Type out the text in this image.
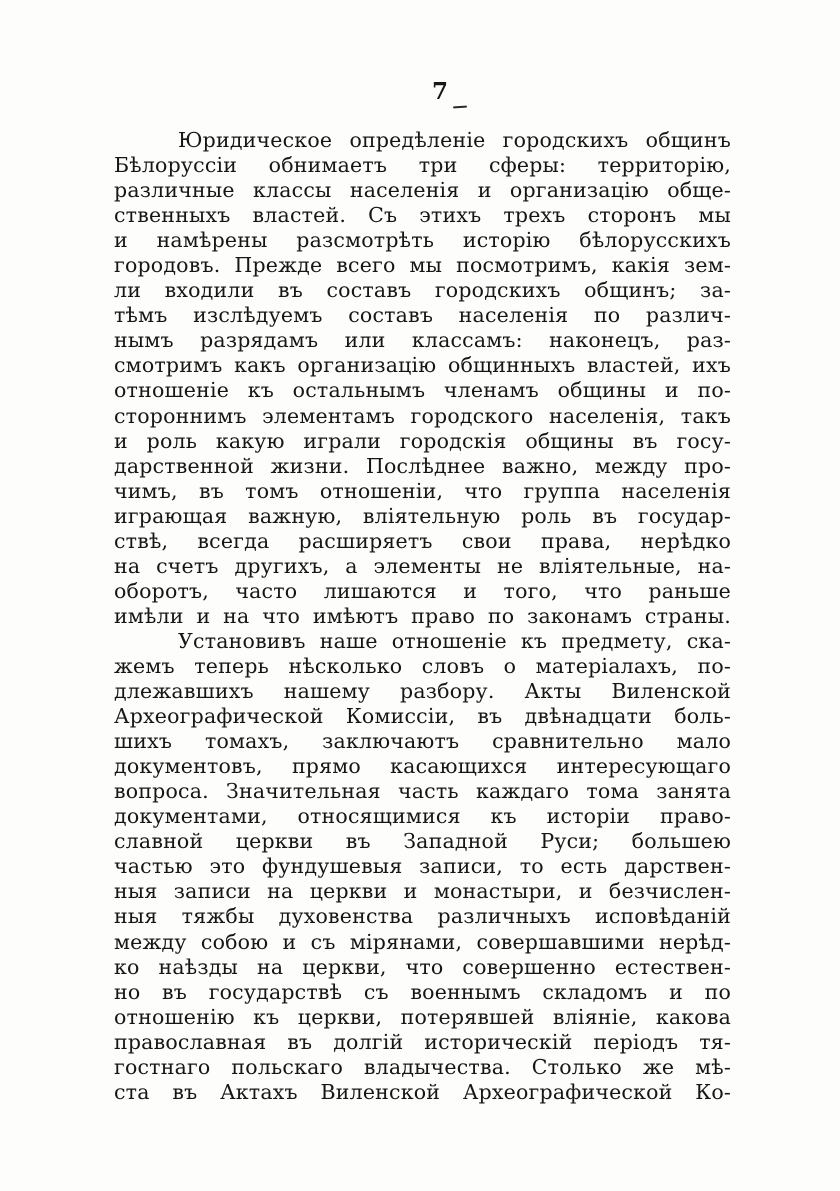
7
Юридическое опредѣленіе городскихъ общинъ
Бѣлоруссіи обнимаетъ три сферы: территорію,
различные классы населенія и организацію обще-
ственныхъ властей. Съ этихъ трехъ сторонъ мы
и намѣрены разсмотрѣть исторію бѣлорусскихъ
городовъ. Прежде всего мы посмотримъ, какія зем-
ли входили въ составъ городскихъ общинъ; за-
тѣмъ изслѣдуемъ составъ населенія по различ-
нымъ разрядамъ или классамъ: наконецъ, раз-
смотримъ какъ организацію общинныхъ властей, ихъ
отношеніе къ остальнымъ членамъ общины и по-
стороннимъ элементамъ городского населенія, такъ
и роль какую играли городскія общины въ госу-
дарственной жизни. Послѣднее важно, между про-
чимъ, въ томъ отношеніи, что группа населенія
играющая важную, вліятельную роль въ государ-
ствѣ, всегда расширяетъ свои права, нерѣдко
на счетъ другихъ, а элементы не вліятельные, на-
оборотъ, часто лишаются и того, что раньше
имѣли и на что имѣютъ право по законамъ страны.
Установивъ наше отношеніе къ предмету, ска-
жемъ теперь нѣсколько словъ о матеріалахъ, по-
длежавшихъ нашему разбору. Акты Виленской
Археографической Комиссіи, въ двѣнадцати боль-
шихъ томахъ, заключаютъ сравнительно мало
документовъ, прямо касающихся интересующаго
вопроса. Значительная часть каждаго тома занята
документами, относящимися къ исторіи право-
славной церкви въ Западной Руси; большею
частью это фундушевыя записи, то есть дарствен-
ныя записи на церкви и монастыри, и безчислен-
ныя тяжбы духовенства различныхъ исповѣданій
между собою и съ мірянами, совершавшими нерѣд-
ко наѣзды на церкви, что совершенно естествен-
но въ государствѣ съ военнымъ складомъ и по
отношенію къ церкви, потерявшей вліяніе, какова
православная въ долгій историческій періодъ тя-
гостнаго польскаго владычества. Столько же мѣ-
ста въ Актахъ Виленской Археографической Ко-
